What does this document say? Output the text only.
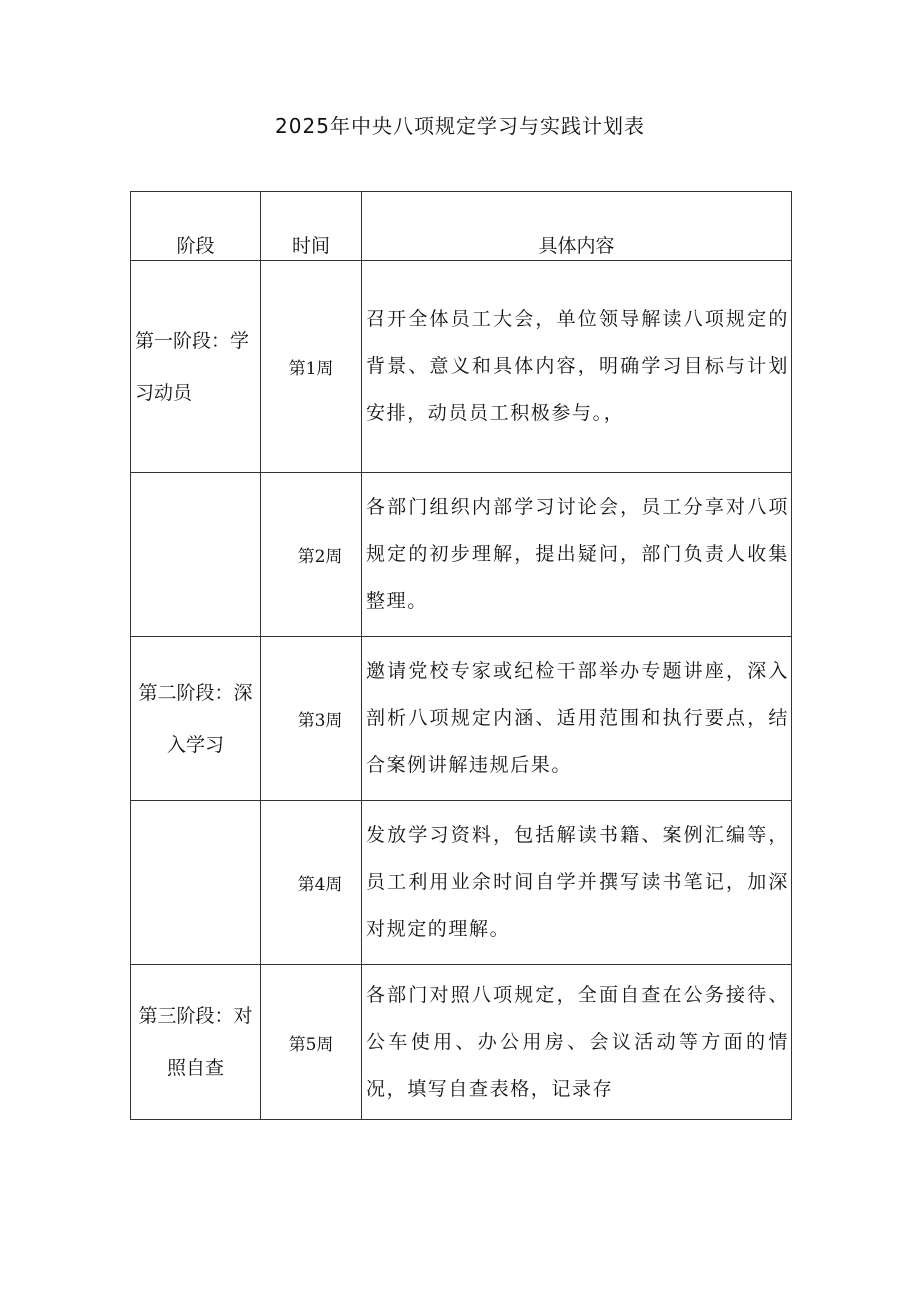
2025年中央八项规定学习与实践计划表
阶段	时间	具体内容
第一阶段：学习动员	第1周	召开全体员工大会，单位领导解读八项规定的背景、意义和具体内容，明确学习目标与计划安排，动员员工积极参与。，
	第2周	各部门组织内部学习讨论会，员工分享对八项规定的初步理解，提出疑问，部门负责人收集整理。
第二阶段：深入学习	第3周	邀请党校专家或纪检干部举办专题讲座，深入剖析八项规定内涵、适用范围和执行要点，结合案例讲解违规后果。
	第4周	发放学习资料，包括解读书籍、案例汇编等，员工利用业余时间自学并撰写读书笔记，加深对规定的理解。
第三阶段：对照自查	第5周	各部门对照八项规定，全面自查在公务接待、公车使用、办公用房、会议活动等方面的情况，填写自查表格，记录存
